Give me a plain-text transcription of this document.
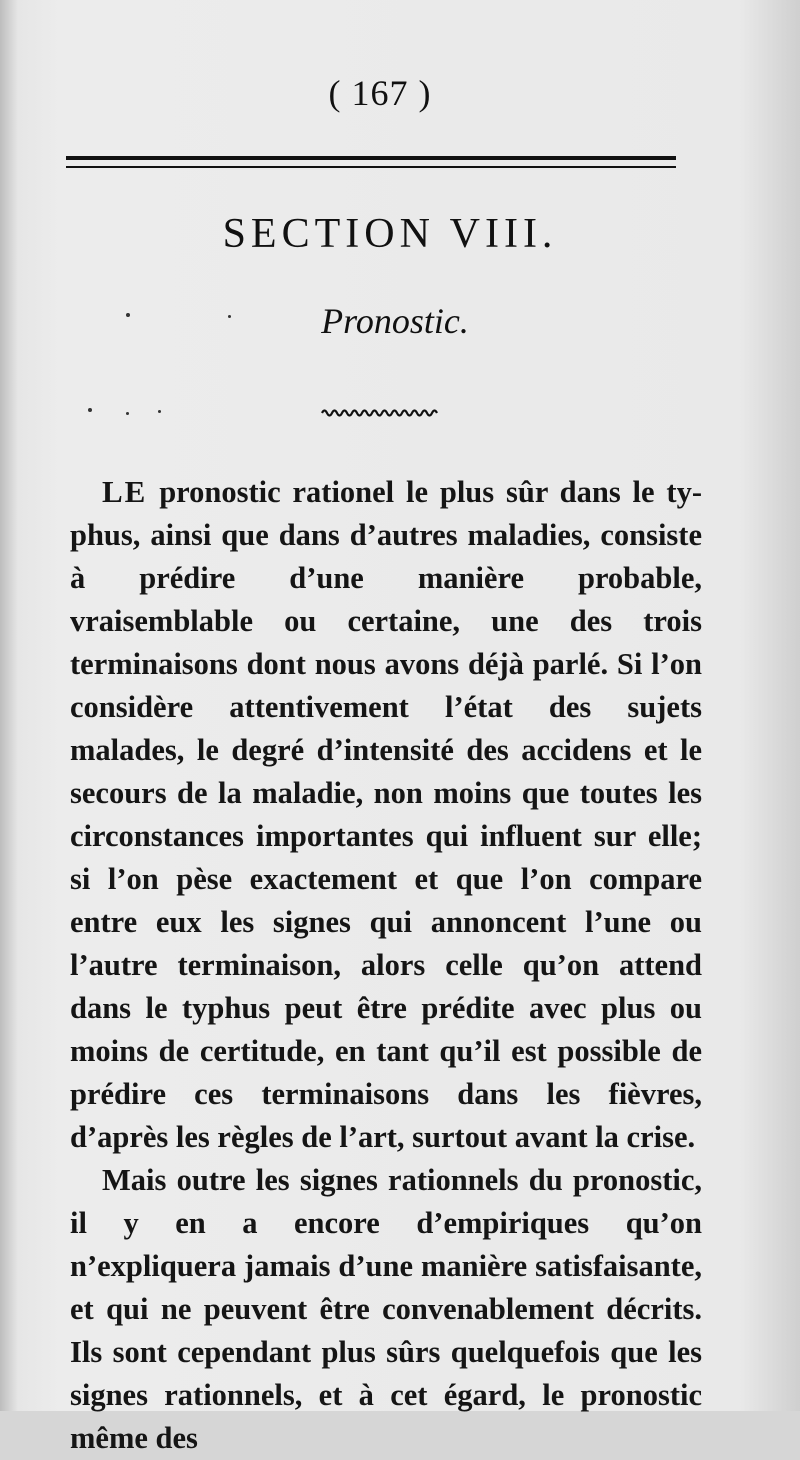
( 167 )
SECTION VIII.
Pronostic.

LE pronostic rationel le plus sûr dans le typhus, ainsi que dans d’autres maladies, consiste à prédire d’une manière probable, vraisemblable ou certaine, une des trois terminaisons dont nous avons déjà parlé. Si l’on considère attentivement l’état des sujets malades, le degré d’intensité des accidens et le secours de la maladie, non moins que toutes les circonstances importantes qui influent sur elle; si l’on pèse exactement et que l’on compare entre eux les signes qui annoncent l’une ou l’autre terminaison, alors celle qu’on attend dans le typhus peut être prédite avec plus ou moins de certitude, en tant qu’il est possible de prédire ces terminaisons dans les fièvres, d’après les règles de l’art, surtout avant la crise.

Mais outre les signes rationnels du pronostic, il y en a encore d’empiriques qu’on n’expliquera jamais d’une manière satisfaisante, et qui ne peuvent être convenablement décrits. Ils sont cependant plus sûrs quelquefois que les signes rationnels, et à cet égard, le pronostic même des
